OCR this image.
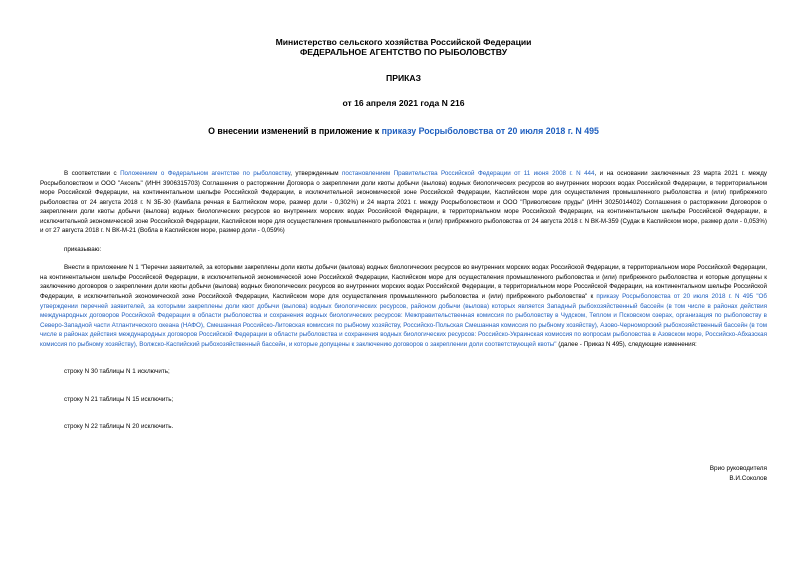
Министерство сельского хозяйства Российской Федерации
ФЕДЕРАЛЬНОЕ АГЕНТСТВО ПО РЫБОЛОВСТВУ
ПРИКАЗ
от 16 апреля 2021 года N 216
О внесении изменений в приложение к приказу Росрыболовства от 20 июля 2018 г. N 495

В соответствии с Положением о Федеральном агентстве по рыболовству, утвержденным постановлением Правительства Российской Федерации от 11 июня 2008 г. N 444, и на основании заключенных 23 марта 2021 г. между Росрыболовством и ООО "Аксель" (ИНН 3906315703) Соглашения о расторжении Договора о закреплении доли квоты добычи (вылова) водных биологических ресурсов во внутренних морских водах Российской Федерации, в территориальном море Российской Федерации, на континентальном шельфе Российской Федерации, в исключительной экономической зоне Российской Федерации, Каспийском море для осуществления промышленного рыболовства и (или) прибрежного рыболовства от 24 августа 2018 г. N ЗБ-30 (Камбала речная в Балтийском море, размер доли - 0,302%) и 24 марта 2021 г. между Росрыболовством и ООО "Приволжские пруды" (ИНН 3025014402) Соглашения о расторжении Договоров о закреплении доли квоты добычи (вылова) водных биологических ресурсов во внутренних морских водах Российской Федерации, в территориальном море Российской Федерации, на континентальном шельфе Российской Федерации, в исключительной экономической зоне Российской Федерации, Каспийском море для осуществления промышленного рыболовства и (или) прибрежного рыболовства от 24 августа 2018 г. N ВК-М-359 (Судак в Каспийском море, размер доли - 0,053%) и от 27 августа 2018 г. N ВК-М-21 (Вобла в Каспийском море, размер доли - 0,059%)

приказываю:

Внести в приложение N 1 "Перечни заявителей, за которыми закреплены доли квоты добычи (вылова) водных биологических ресурсов во внутренних морских водах Российской Федерации, в территориальном море Российской Федерации, на континентальном шельфе Российской Федерации, в исключительной экономической зоне Российской Федерации, Каспийском море для осуществления промышленного рыболовства и (или) прибрежного рыболовства и которые допущены к заключению договоров о закреплении доли квоты добычи (вылова) водных биологических ресурсов во внутренних морских водах Российской Федерации, в территориальном море Российской Федерации, на континентальном шельфе Российской Федерации, в исключительной экономической зоне Российской Федерации, Каспийском море для осуществления промышленного рыболовства и (или) прибрежного рыболовства" к приказу Росрыболовства от 20 июля 2018 г. N 495 "Об утверждении перечней заявителей, за которыми закреплены доли квот добычи (вылова) водных биологических ресурсов, районом добычи (вылова) которых является Западный рыбохозяйственный бассейн (в том числе в районах действия международных договоров Российской Федерации в области рыболовства и сохранения водных биологических ресурсов: Межправительственная комиссия по рыболовству в Чудском, Теплом и Псковском озерах, организация по рыболовству в Северо-Западной части Атлантического океана (НАФО), Смешанная Российско-Литовская комиссия по рыбному хозяйству, Российско-Польская Смешанная комиссия по рыбному хозяйству), Азово-Черноморский рыбохозяйственный бассейн (в том числе в районах действия международных договоров Российской Федерации в области рыболовства и сохранения водных биологических ресурсов: Российско-Украинская комиссия по вопросам рыболовства в Азовском море, Российско-Абхазская комиссия по рыбному хозяйству), Волжско-Каспийский рыбохозяйственный бассейн, и которые допущены к заключению договоров о закреплении доли соответствующей квоты" (далее - Приказ N 495), следующие изменения:

строку N 30 таблицы N 1 исключить;

строку N 21 таблицы N 15 исключить;

строку N 22 таблицы N 20 исключить.

Врио руководителя
В.И.Соколов
